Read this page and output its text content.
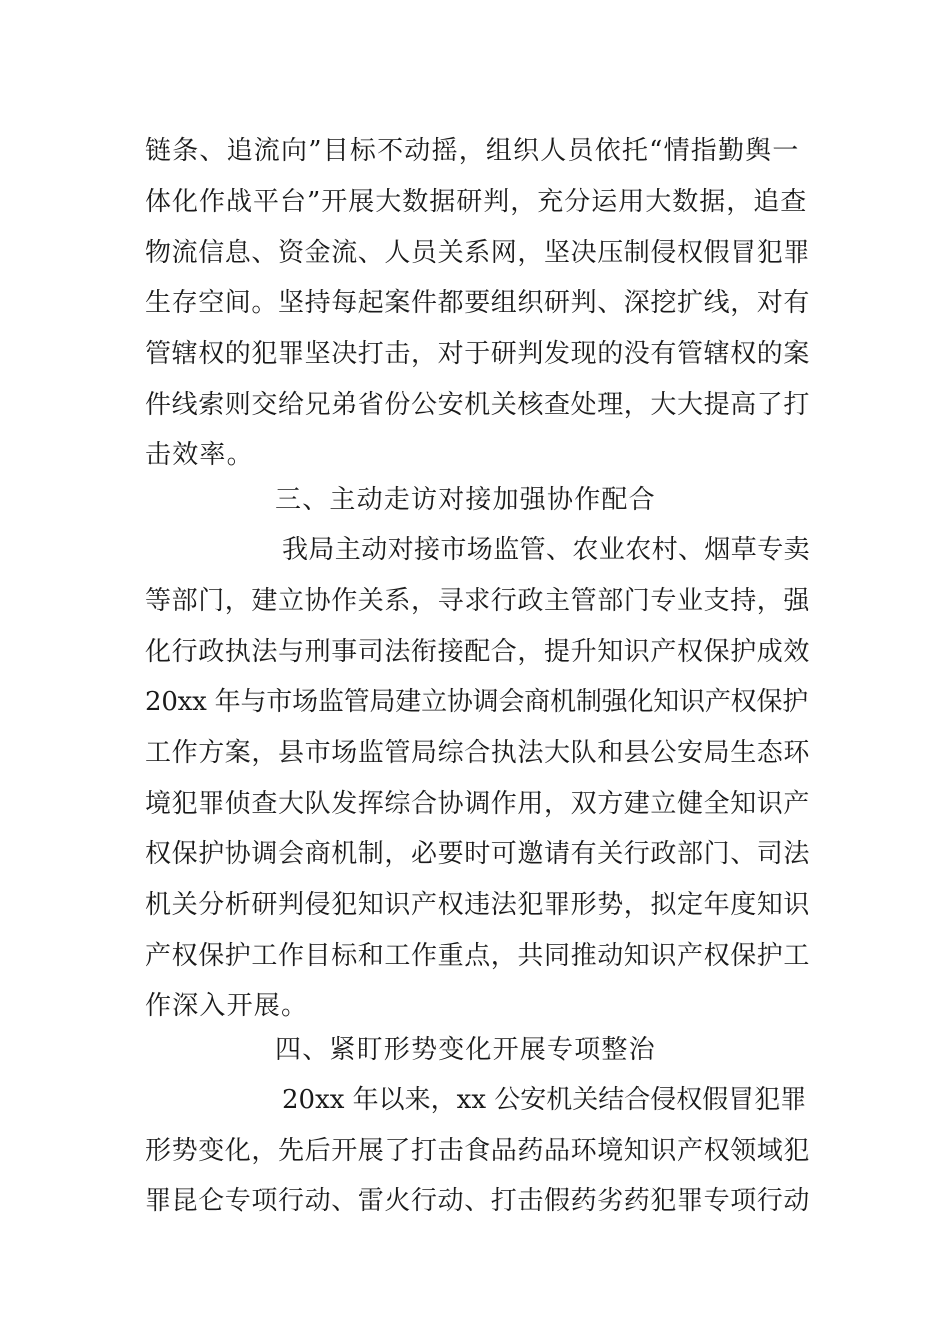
链条、追流向”目标不动摇，组织人员依托“情指勤舆一
体化作战平台”开展大数据研判，充分运用大数据，追查
物流信息、资金流、人员关系网，坚决压制侵权假冒犯罪
生存空间。坚持每起案件都要组织研判、深挖扩线，对有
管辖权的犯罪坚决打击，对于研判发现的没有管辖权的案
件线索则交给兄弟省份公安机关核查处理，大大提高了打
击效率。
三、主动走访对接加强协作配合
我局主动对接市场监管、农业农村、烟草专卖
等部门，建立协作关系，寻求行政主管部门专业支持，强
化行政执法与刑事司法衔接配合，提升知识产权保护成效
20xx 年与市场监管局建立协调会商机制强化知识产权保护
工作方案，县市场监管局综合执法大队和县公安局生态环
境犯罪侦查大队发挥综合协调作用，双方建立健全知识产
权保护协调会商机制，必要时可邀请有关行政部门、司法
机关分析研判侵犯知识产权违法犯罪形势，拟定年度知识
产权保护工作目标和工作重点，共同推动知识产权保护工
作深入开展。
四、紧盯形势变化开展专项整治
20xx 年以来，xx 公安机关结合侵权假冒犯罪
形势变化，先后开展了打击食品药品环境知识产权领域犯
罪昆仑专项行动、雷火行动、打击假药劣药犯罪专项行动
